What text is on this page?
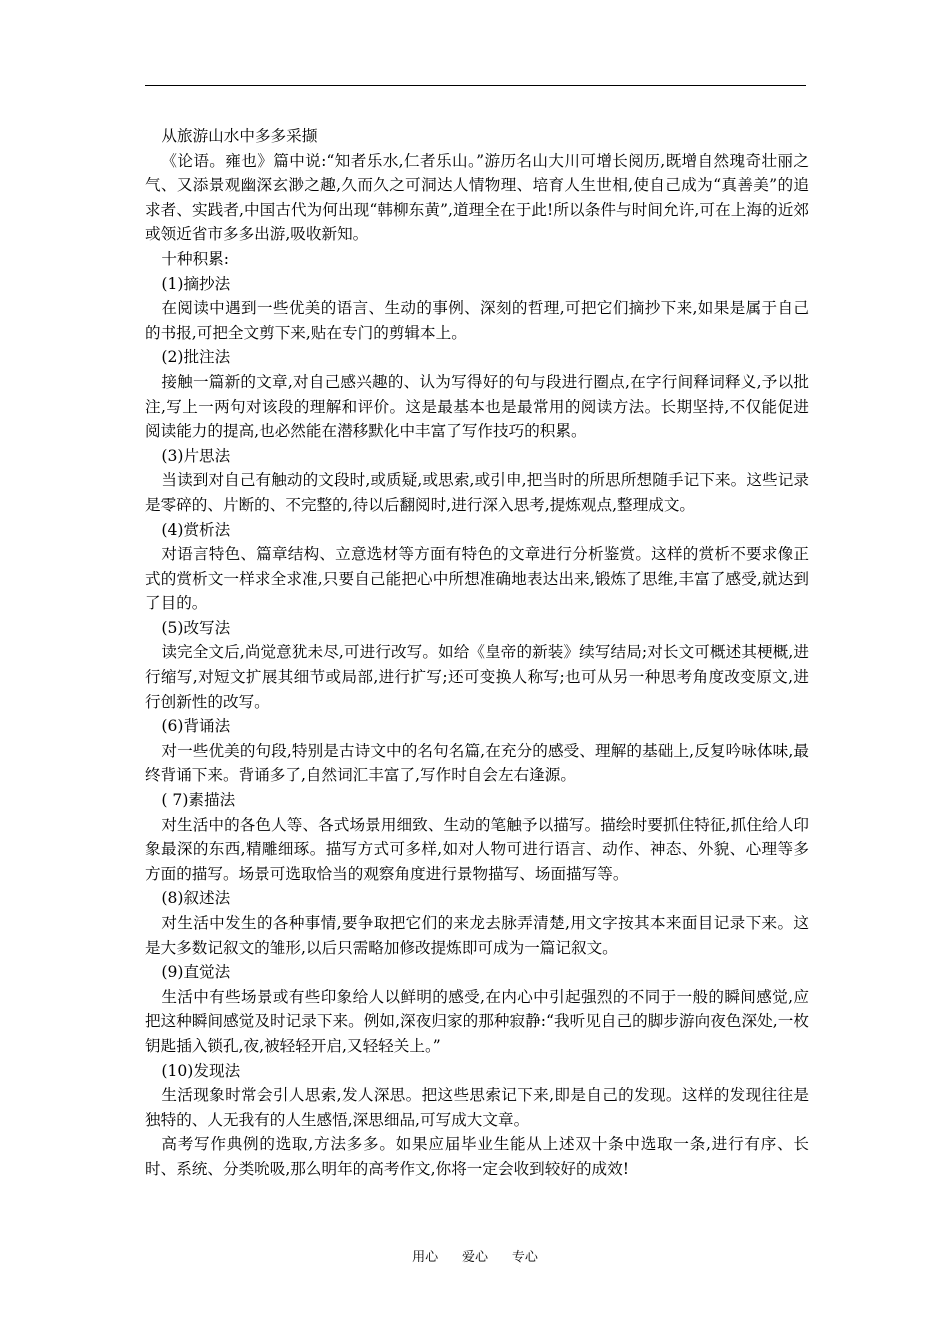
从旅游山水中多多采撷

《论语。雍也》篇中说:“知者乐水,仁者乐山。”游历名山大川可增长阅历,既增自然瑰奇壮丽之气、又添景观幽深玄渺之趣,久而久之可洞达人情物理、培育人生世相,使自己成为“真善美”的追求者、实践者,中国古代为何出现“韩柳东黄”,道理全在于此!所以条件与时间允许,可在上海的近郊或领近省市多多出游,吸收新知。

十种积累:

(1)摘抄法

在阅读中遇到一些优美的语言、生动的事例、深刻的哲理,可把它们摘抄下来,如果是属于自己的书报,可把全文剪下来,贴在专门的剪辑本上。

(2)批注法

接触一篇新的文章,对自己感兴趣的、认为写得好的句与段进行圈点,在字行间释词释义,予以批注,写上一两句对该段的理解和评价。这是最基本也是最常用的阅读方法。长期坚持,不仅能促进阅读能力的提高,也必然能在潜移默化中丰富了写作技巧的积累。

(3)片思法

当读到对自己有触动的文段时,或质疑,或思索,或引申,把当时的所思所想随手记下来。这些记录是零碎的、片断的、不完整的,待以后翻阅时,进行深入思考,提炼观点,整理成文。

(4)赏析法

对语言特色、篇章结构、立意选材等方面有特色的文章进行分析鉴赏。这样的赏析不要求像正式的赏析文一样求全求准,只要自己能把心中所想准确地表达出来,锻炼了思维,丰富了感受,就达到了目的。

(5)改写法

读完全文后,尚觉意犹未尽,可进行改写。如给《皇帝的新装》续写结局;对长文可概述其梗概,进行缩写,对短文扩展其细节或局部,进行扩写;还可变换人称写;也可从另一种思考角度改变原文,进行创新性的改写。

(6)背诵法

对一些优美的句段,特别是古诗文中的名句名篇,在充分的感受、理解的基础上,反复吟咏体味,最终背诵下来。背诵多了,自然词汇丰富了,写作时自会左右逢源。

( 7)素描法

对生活中的各色人等、各式场景用细致、生动的笔触予以描写。描绘时要抓住特征,抓住给人印象最深的东西,精雕细琢。描写方式可多样,如对人物可进行语言、动作、神态、外貌、心理等多方面的描写。场景可选取恰当的观察角度进行景物描写、场面描写等。

(8)叙述法

对生活中发生的各种事情,要争取把它们的来龙去脉弄清楚,用文字按其本来面目记录下来。这是大多数记叙文的雏形,以后只需略加修改提炼即可成为一篇记叙文。

(9)直觉法

生活中有些场景或有些印象给人以鲜明的感受,在内心中引起强烈的不同于一般的瞬间感觉,应把这种瞬间感觉及时记录下来。例如,深夜归家的那种寂静:“我听见自己的脚步游向夜色深处,一枚钥匙插入锁孔,夜,被轻轻开启,又轻轻关上。”

(10)发现法

生活现象时常会引人思索,发人深思。把这些思索记下来,即是自己的发现。这样的发现往往是独特的、人无我有的人生感悟,深思细品,可写成大文章。

高考写作典例的选取,方法多多。如果应届毕业生能从上述双十条中选取一条,进行有序、长时、系统、分类吮吸,那么明年的高考作文,你将一定会收到较好的成效!

用心  爱心  专心
